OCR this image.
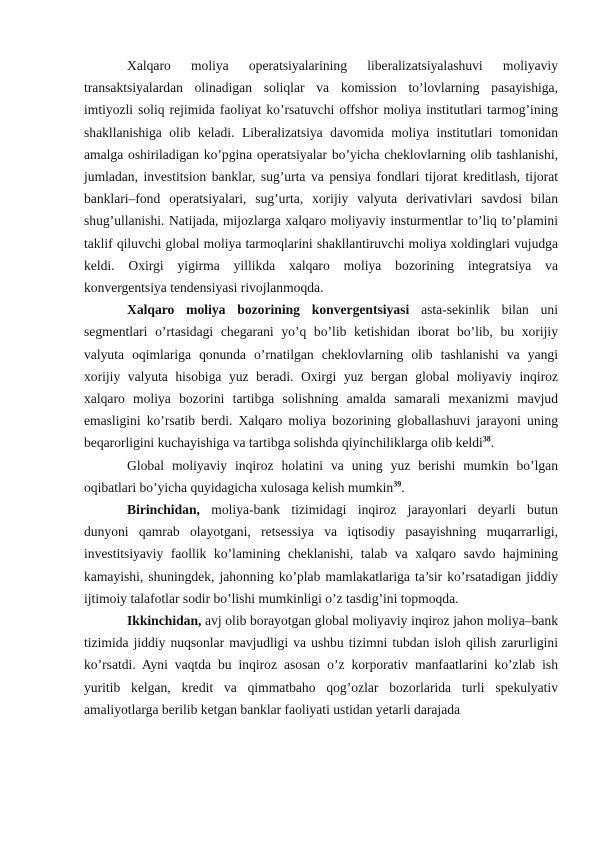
Xalqaro moliya operatsiyalarining liberalizatsiyalashuvi moliyaviy transaktsiyalardan olinadigan soliqlar va komission to’lovlarning pasayishiga, imtiyozli soliq rejimida faoliyat ko’rsatuvchi offshor moliya institutlari tarmog’ining shakllanishiga olib keladi. Liberalizatsiya davomida moliya institutlari tomonidan amalga oshiriladigan ko’pgina operatsiyalar bo’yicha cheklovlarning olib tashlanishi, jumladan, investitsion banklar, sug’urta va pensiya fondlari tijorat kreditlash, tijorat banklari–fond operatsiyalari, sug’urta, xorijiy valyuta derivativlari savdosi bilan shug’ullanishi. Natijada, mijozlarga xalqaro moliyaviy insturmentlar to’liq to’plamini taklif qiluvchi global moliya tarmoqlarini shakllantiruvchi moliya xoldinglari vujudga keldi. Oxirgi yigirma yillikda xalqaro moliya bozorining integratsiya va konvergentsiya tendensiyasi rivojlanmoqda.

Xalqaro moliya bozorining konvergentsiyasi asta-sekinlik bilan uni segmentlari o’rtasidagi chegarani yo’q bo’lib ketishidan iborat bo’lib, bu xorijiy valyuta oqimlariga qonunda o’rnatilgan cheklovlarning olib tashlanishi va yangi xorijiy valyuta hisobiga yuz beradi. Oxirgi yuz bergan global moliyaviy inqiroz xalqaro moliya bozorini tartibga solishning amalda samarali mexanizmi mavjud emasligini ko’rsatib berdi. Xalqaro moliya bozorining globallashuvi jarayoni uning beqarorligini kuchayishiga va tartibga solishda qiyinchiliklarga olib keldi$^{38}$.

Global moliyaviy inqiroz holatini va uning yuz berishi mumkin bo’lgan oqibatlari bo’yicha quyidagicha xulosaga kelish mumkin$^{39}$.

Birinchidan, moliya-bank tizimidagi inqiroz jarayonlari deyarli butun dunyoni qamrab olayotgani, retsessiya va iqtisodiy pasayishning muqarrarligi, investitsiyaviy faollik ko’lamining cheklanishi, talab va xalqaro savdo hajmining kamayishi, shuningdek, jahonning ko’plab mamlakatlariga ta’sir ko’rsatadigan jiddiy ijtimoiy talafotlar sodir bo’lishi mumkinligi o’z tasdig’ini topmoqda.

Ikkinchidan, avj olib borayotgan global moliyaviy inqiroz jahon moliya–bank tizimida jiddiy nuqsonlar mavjudligi va ushbu tizimni tubdan isloh qilish zarurligini ko’rsatdi. Ayni vaqtda bu inqiroz asosan o’z korporativ manfaatlarini ko’zlab ish yuritib kelgan, kredit va qimmatbaho qog’ozlar bozorlarida turli spekulyativ amaliyotlarga berilib ketgan banklar faoliyati ustidan yetarli darajada
